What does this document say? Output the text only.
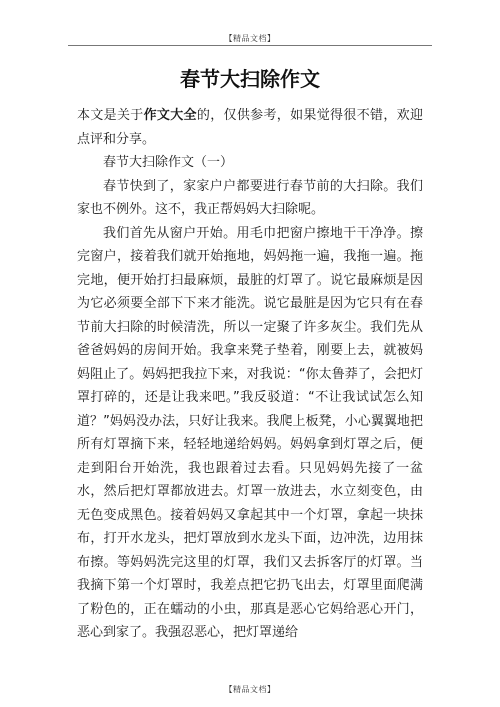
【精品文档】
春节大扫除作文

本文是关于作文大全的，仅供参考，如果觉得很不错，欢迎点评和分享。

春节大扫除作文（一）

春节快到了，家家户户都要进行春节前的大扫除。我们家也不例外。这不，我正帮妈妈大扫除呢。

我们首先从窗户开始。用毛巾把窗户擦地干干净净。擦完窗户，接着我们就开始拖地，妈妈拖一遍，我拖一遍。拖完地，便开始打扫最麻烦，最脏的灯罩了。说它最麻烦是因为它必须要全部下下来才能洗。说它最脏是因为它只有在春节前大扫除的时候清洗，所以一定聚了许多灰尘。我们先从爸爸妈妈的房间开始。我拿来凳子垫着，刚要上去，就被妈妈阻止了。妈妈把我拉下来，对我说：“你太鲁莽了，会把灯罩打碎的，还是让我来吧。”我反驳道：“不让我试试怎么知道？”妈妈没办法，只好让我来。我爬上板凳，小心翼翼地把所有灯罩摘下来，轻轻地递给妈妈。妈妈拿到灯罩之后，便走到阳台开始洗，我也跟着过去看。只见妈妈先接了一盆水，然后把灯罩都放进去。灯罩一放进去，水立刻变色，由无色变成黑色。接着妈妈又拿起其中一个灯罩，拿起一块抹布，打开水龙头，把灯罩放到水龙头下面，边冲洗，边用抹布擦。等妈妈洗完这里的灯罩，我们又去拆客厅的灯罩。当我摘下第一个灯罩时，我差点把它扔飞出去，灯罩里面爬满了粉色的，正在蠕动的小虫，那真是恶心它妈给恶心开门，恶心到家了。我强忍恶心，把灯罩递给

【精品文档】
